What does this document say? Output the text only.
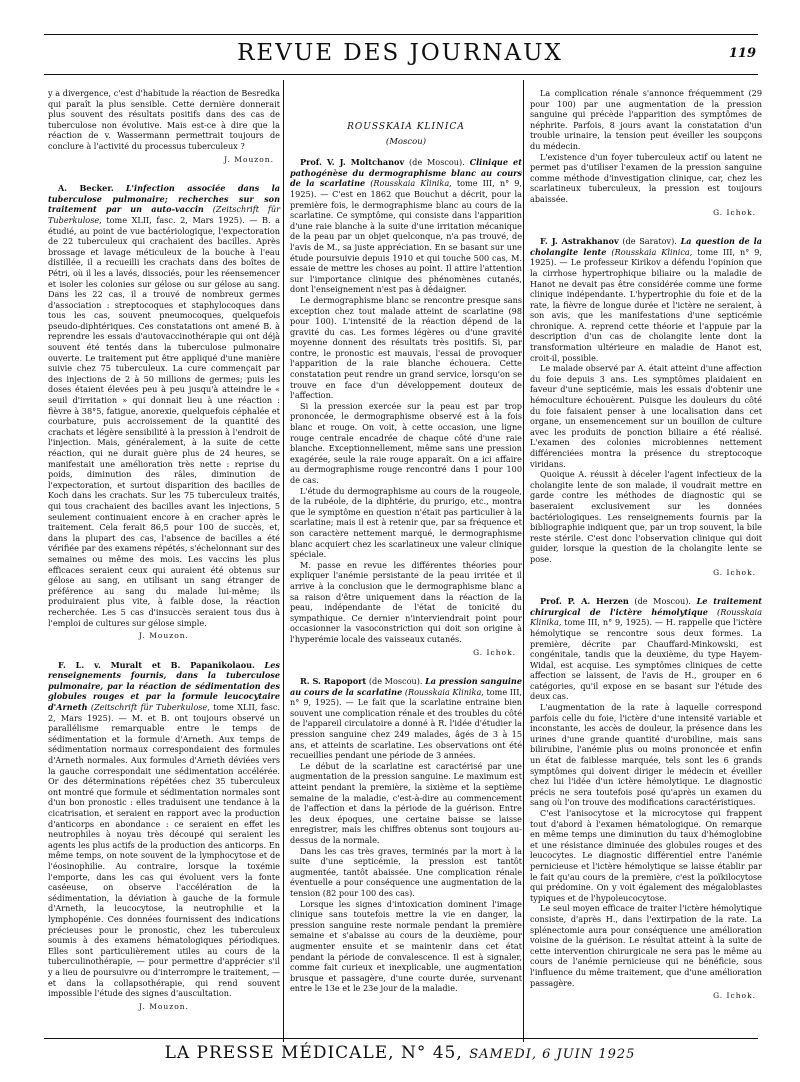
REVUE DES JOURNAUX	119

y a divergence, c'est d'habitude la réaction de Besredka qui paraît la plus sensible. Cette dernière donnerait plus souvent des résultats positifs dans des cas de tuberculose non évolutive. Mais est-ce à dire que la réaction de v. Wassermann permettrait toujours de conclure à l'activité du processus tuberculeux ?

J. Mouzon.

A. Becker. L'infection associée dans la tuberculose pulmonaire; recherches sur son traitement par un auto-vaccin (Zeitschrift für Tuberkulose, tome XLII, fasc. 2, Mars 1925). — B. a étudié, au point de vue bactériologique, l'expectoration de 22 tuberculeux qui crachaient des bacilles. Après brossage et lavage méticuleux de la bouche à l'eau distillée, il a recueilli les crachats dans des boîtes de Pétri, où il les a lavés, dissociés, pour les réensemencer et isoler les colonies sur gélose ou sur gélose au sang. Dans les 22 cas, il a trouvé de nombreux germes d'association : streptocoques et staphylocoques dans tous les cas, souvent pneumocoques, quelquefois pseudo-diphtériques. Ces constatations ont amené B. à reprendre les essais d'autovaccinothérapie qui ont déjà souvent été tentés dans la tuberculose pulmonaire ouverte. Le traitement put être appliqué d'une manière suivie chez 75 tuberculeux. La cure commençait par des injections de 2 à 50 millions de germes; puis les doses étaient élevées peu à peu jusqu'à atteindre le « seuil d'irritation » qui donnait lieu à une réaction : fièvre à 38°5, fatigue, anorexie, quelquefois céphalée et courbature, puis accroissement de la quantité des crachats et légère sensibilité à la pression à l'endroit de l'injection. Mais, généralement, à la suite de cette réaction, qui ne durait guère plus de 24 heures, se manifestait une amélioration très nette : reprise du poids, diminution des râles, diminution de l'expectoration, et surtout disparition des bacilles de Koch dans les crachats. Sur les 75 tuberculeux traités, qui tous crachaient des bacilles avant les injections, 5 seulement continuaient encore à en cracher après le traitement. Cela ferait 86,5 pour 100 de succès, et, dans la plupart des cas, l'absence de bacilles a été vérifiée par des examens répétés, s'échelonnant sur des semaines ou même des mois. Les vaccins les plus efficaces seraient ceux qui auraient été obtenus sur gélose au sang, en utilisant un sang étranger de préférence au sang du malade lui-même; ils produiraient plus vite, à faible dose, la réaction recherchée. Les 5 cas d'insuccès seraient tous dus à l'emploi de cultures sur gélose simple.

J. Mouzon.

F. L. v. Muralt et B. Papanikolaou. Les renseignements fournis, dans la tuberculose pulmonaire, par la réaction de sédimentation des globules rouges et par la formule leucocytaire d'Arneth (Zeitschrift für Tuberkulose, tome XLII, fasc. 2, Mars 1925). — M. et B. ont toujours observé un parallélisme remarquable entre le temps de sédimentation et la formule d'Arneth. Aux temps de sédimentation normaux correspondaient des formules d'Arneth normales. Aux formules d'Arneth déviées vers la gauche correspondait une sédimentation accélérée. Or des déterminations répétées chez 35 tuberculeux ont montré que formule et sédimentation normales sont d'un bon pronostic : elles traduisent une tendance à la cicatrisation, et seraient en rapport avec la production d'anticorps en abondance : ce seraient en effet les neutrophiles à noyau très découpé qui seraient les agents les plus actifs de la production des anticorps. En même temps, on note souvent de la lymphocytose et de l'éosinophilie. Au contraire, lorsque la toxémie l'emporte, dans les cas qui évoluent vers la fonte caséeuse, on observe l'accélération de la sédimentation, la déviation à gauche de la formule d'Arneth, la leucocytose, la neutrophilie et la lymphopénie. Ces données fournissent des indications précieuses pour le pronostic, chez les tuberculeux soumis à des examens hématologiques périodiques. Elles sont particulièrement utiles au cours de la tuberculinothérapie, — pour permettre d'apprécier s'il y a lieu de poursuivre ou d'interrompre le traitement, — et dans la collapsothérapie, qui rend souvent impossible l'étude des signes d'auscultation.

J. Mouzon.
ROUSSKAIA KLINICA
(Moscou)

Prof. V. J. Moltchanov (de Moscou). Clinique et pathogénèse du dermographisme blanc au cours de la scarlatine (Rousskaia Klinika, tome III, n° 9, 1925). — C'est en 1862 que Bouchut a décrit, pour la première fois, le dermographisme blanc au cours de la scarlatine. Ce symptôme, qui consiste dans l'apparition d'une raie blanche à la suite d'une irritation mécanique de la peau par un objet quelconque, n'a pas trouvé, de l'avis de M., sa juste appréciation. En se basant sur une étude poursuivie depuis 1910 et qui touche 500 cas, M. essaie de mettre les choses au point. Il attire l'attention sur l'importance clinique des phénomènes cutanés, dont l'enseignement n'est pas à dédaigner.

Le dermographisme blanc se rencontre presque sans exception chez tout malade atteint de scarlatine (98 pour 100). L'intensité de la réaction dépend de la gravité du cas. Les formes légères ou d'une gravité moyenne donnent des résultats très positifs. Si, par contre, le pronostic est mauvais, l'essai de provoquer l'apparition de la raie blanche échouera. Cette constatation peut rendre un grand service, lorsqu'on se trouve en face d'un développement douteux de l'affection.

Si la pression exercée sur la peau est par trop prononcée, le dermographisme observé est à la fois blanc et rouge. On voit, à cette occasion, une ligne rouge centrale encadrée de chaque côté d'une raie blanche. Exceptionnellement, même sans une pression exagérée, seule la raie rouge apparaît. On a ici affaire au dermographisme rouge rencontré dans 1 pour 100 de cas.

L'étude du dermographisme au cours de la rougeole, de la rubéole, de la diphtérie, du prurigo, etc., montra que le symptôme en question n'était pas particulier à la scarlatine; mais il est à retenir que, par sa fréquence et son caractère nettement marqué, le dermographisme blanc acquiert chez les scarlatineux une valeur clinique spéciale.

M. passe en revue les différentes théories pour expliquer l'anémie persistante de la peau irritée et il arrive à la conclusion que le dermographisme blanc a sa raison d'être uniquement dans la réaction de la peau, indépendante de l'état de tonicité du sympathique. Ce dernier n'interviendrait point pour occasionner la vasoconstriction qui doit son origine à l'hyperémie locale des vaisseaux cutanés.

G. Ichok.

R. S. Rapoport (de Moscou). La pression sanguine au cours de la scarlatine (Rousskaia Klinika, tome III, n° 9, 1925). — Le fait que la scarlatine entraine bien souvent une complication rénale et des troubles du côté de l'appareil circulatoire a donné à R. l'idée d'étudier la pression sanguine chez 249 malades, âgés de 3 à 15 ans, et atteints de scarlatine. Les observations ont été recueillies pendant une période de 3 années.

Le début de la scarlatine est caractérisé par une augmentation de la pression sanguine. Le maximum est atteint pendant la première, la sixième et la septième semaine de la maladie, c'est-à-dire au commencement de l'affection et dans la période de la guérison. Entre les deux époques, une certaine baisse se laisse enregistrer, mais les chiffres obtenus sont toujours au-dessus de la normale.

Dans les cas très graves, terminés par la mort à la suite d'une septicémie, la pression est tantôt augmentée, tantôt abaissée. Une complication rénale éventuelle a pour conséquence une augmentation de la tension (82 pour 100 des cas).

Lorsque les signes d'intoxication dominent l'image clinique sans toutefois mettre la vie en danger, la pression sanguine reste normale pendant la première semaine et s'abaisse au cours de la deuxième, pour augmenter ensuite et se maintenir dans cet état pendant la période de convalescence. Il est à signaler, comme fait curieux et inexplicable, une augmentation brusque et passagère, d'une courte durée, survenant entre le 13e et le 23e jour de la maladie.

La complication rénale s'annonce fréquemment (29 pour 100) par une augmentation de la pression sanguine qui précède l'apparition des symptômes de néphrite. Parfois, 8 jours avant la constatation d'un trouble urinaire, la tension peut éveiller les soupçons du médecin.

L'existence d'un foyer tuberculeux actif ou latent ne permet pas d'utiliser l'examen de la pression sanguine comme méthode d'investigation clinique, car, chez les scarlatineux tuberculeux, la pression est toujours abaissée.

G. Ichok.

F. J. Astrakhanov (de Saratov). La question de la cholangite lente (Rousskaia Klinica, tome III, n° 9, 1925). — Le professeur Kirikov a défendu l'opinion que la cirrhose hypertrophique biliaire ou la maladie de Hanot ne devait pas être considérée comme une forme clinique indépendante. L'hypertrophie du foie et de la rate, la fièvre de longue durée et l'ictère ne seraient, à son avis, que les manifestations d'une septicémie chronique. A. reprend cette théorie et l'appuie par la description d'un cas de cholangite lente dont la transformation ultérieure en maladie de Hanot est, croit-il, possible.

Le malade observé par A. était atteint d'une affection du foie depuis 3 ans. Les symptômes plaidaient en faveur d'une septicémie, mais les essais d'obtenir une hémoculture échouèrent. Puisque les douleurs du côté du foie faisaient penser à une localisation dans cet organe, un ensemencement sur un bouillon de culture avec les produits de ponction biliaire a été réalisé. L'examen des colonies microbiennes nettement différenciées montra la présence du streptocoque viridans.

Quoique A. réussit à déceler l'agent infectieux de la cholangite lente de son malade, il voudrait mettre en garde contre les méthodes de diagnostic qui se baseraient exclusivement sur les données bactériologiques. Les renseignements fournis par la bibliographie indiquent que, par un trop souvent, la bile reste stérile. C'est donc l'observation clinique qui doit guider, lorsque la question de la cholangite lente se pose.

G. Ichok.

Prof. P. A. Herzen (de Moscou). Le traitement chirurgical de l'ictère hémolytique (Rousskaia Klinika, tome III, n° 9, 1925). — H. rappelle que l'ictère hémolytique se rencontre sous deux formes. La première, décrite par Chauffard-Minkowski, est congénitale, tandis que la deuxième, du type Hayem-Widal, est acquise. Les symptômes cliniques de cette affection se laissent, de l'avis de H., grouper en 6 catégories, qu'il expose en se basant sur l'étude des deux cas.

L'augmentation de la rate à laquelle correspond parfois celle du foie, l'ictère d'une intensité variable et inconstante, les accès de douleur, la présence dans les urines d'une grande quantité d'urobiline, mais sans bilirubine, l'anémie plus ou moins prononcée et enfin un état de faiblesse marquée, tels sont les 6 grands symptômes qui doivent diriger le médecin et éveiller chez lui l'idée d'un ictère hémolytique. Le diagnostic précis ne sera toutefois posé qu'après un examen du sang où l'on trouve des modifications caractéristiques.

C'est l'anisocytose et la microcytose qui frappent tout d'abord à l'examen hématologique. On remarque en même temps une diminution du taux d'hémoglobine et une résistance diminuée des globules rouges et des leucocytes. Le diagnostic différentiel entre l'anémie pernicieuse et l'ictère hémolytique se laisse établir par le fait qu'au cours de la première, c'est la poïkilocytose qui prédomine. On y voit également des mégaloblastes typiques et de l'hypoleucocytose.

Le seul moyen efficace de traiter l'ictère hémolytique consiste, d'après H., dans l'extirpation de la rate. La splénectomie aura pour conséquence une amélioration voisine de la guérison. Le résultat atteint à la suite de cette intervention chirurgicale ne sera pas le même au cours de l'anémie pernicieuse qui ne bénéficie, sous l'influence du même traitement, que d'une amélioration passagère.

G. Ichok.
LA PRESSE MÉDICALE, N° 45, SAMEDI, 6 JUIN 1925
